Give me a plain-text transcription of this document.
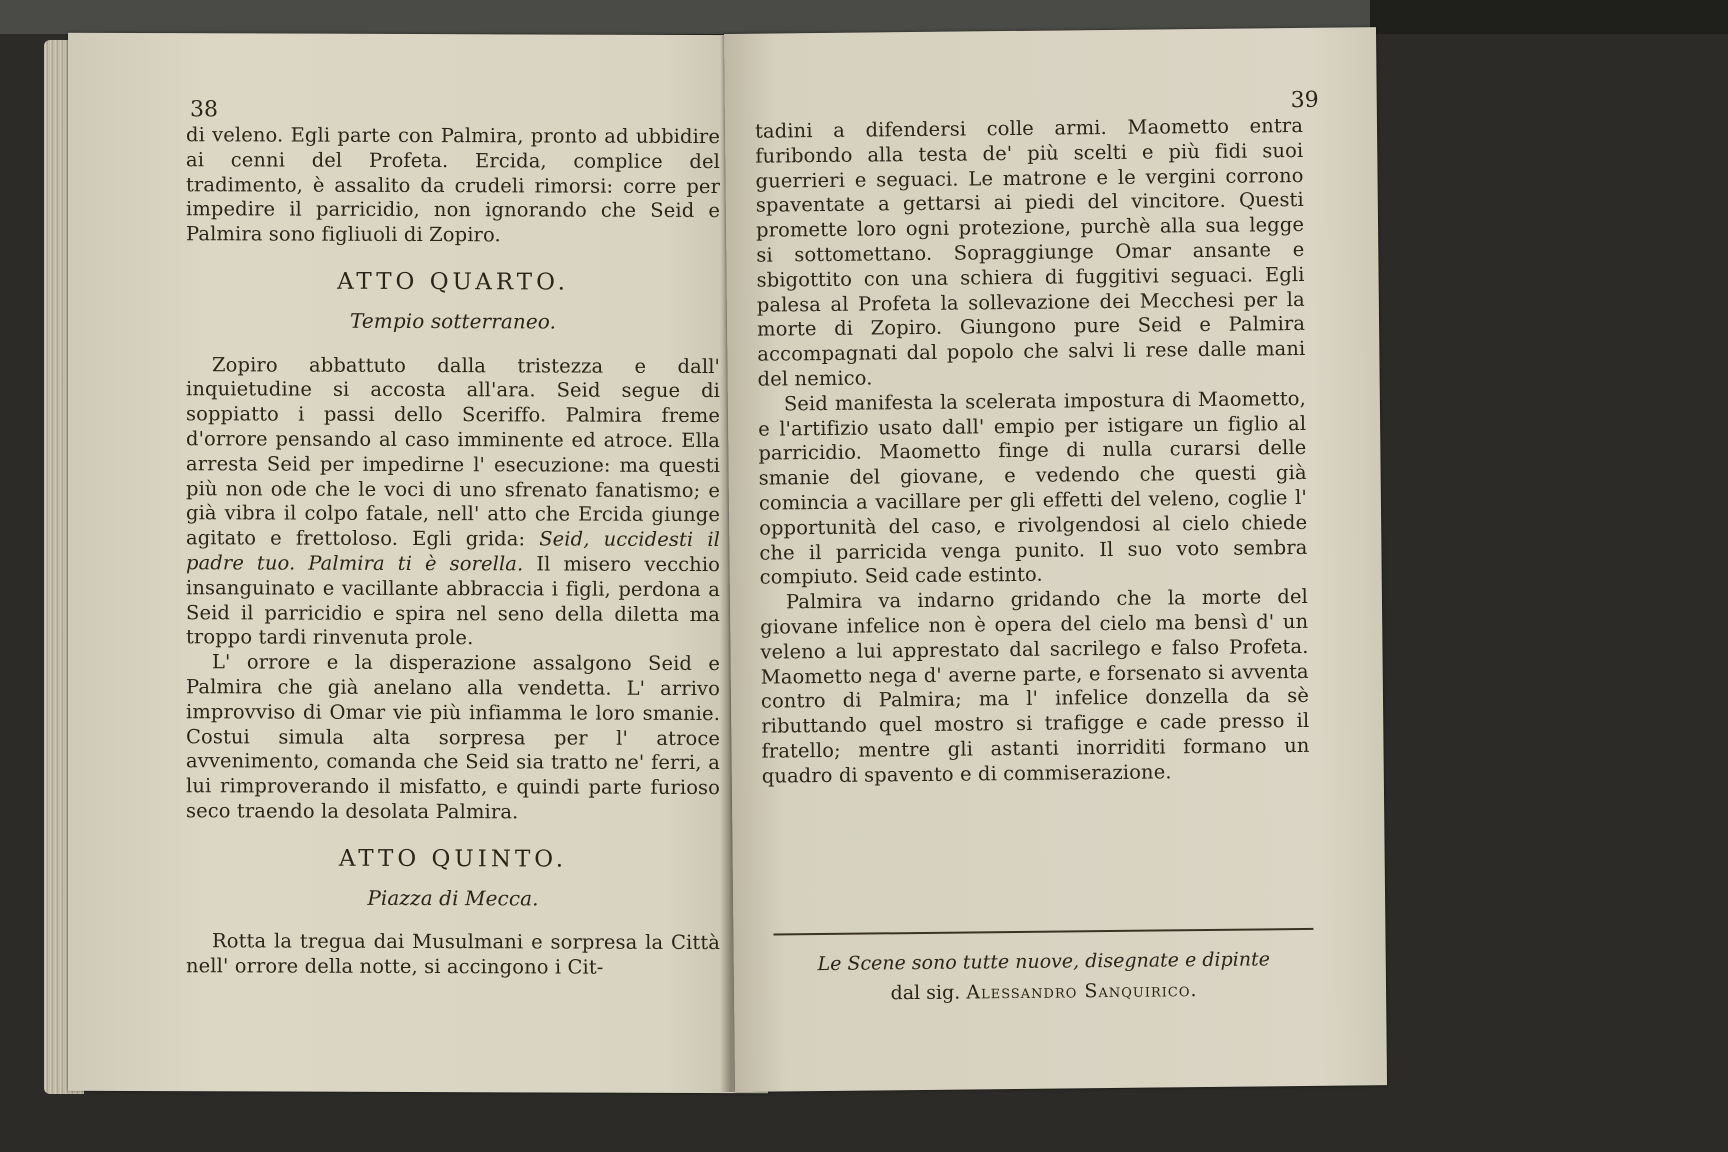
38

di veleno. Egli parte con Palmira, pronto ad ubbidire ai cenni del Profeta. Ercida, complice del tradimento, è assalito da crudeli rimorsi: corre per impedire il parricidio, non ignorando che Seid e Palmira sono figliuoli di Zopiro.

ATTO QUARTO.
Tempio sotterraneo.

Zopiro abbattuto dalla tristezza e dall' inquietudine si accosta all'ara. Seid segue di soppiatto i passi dello Sceriffo. Palmira freme d'orrore pensando al caso imminente ed atroce. Ella arresta Seid per impedirne l' esecuzione: ma questi più non ode che le voci di uno sfrenato fanatismo; e già vibra il colpo fatale, nell' atto che Ercida giunge agitato e frettoloso. Egli grida: Seid, uccidesti il padre tuo. Palmira ti è sorella. Il misero vecchio insanguinato e vacillante abbraccia i figli, perdona a Seid il parricidio e spira nel seno della diletta ma troppo tardi rinvenuta prole.

L' orrore e la disperazione assalgono Seid e Palmira che già anelano alla vendetta. L' arrivo improvviso di Omar vie più infiamma le loro smanie. Costui simula alta sorpresa per l' atroce avvenimento, comanda che Seid sia tratto ne' ferri, a lui rimproverando il misfatto, e quindi parte furioso seco traendo la desolata Palmira.

ATTO QUINTO.
Piazza di Mecca.

Rotta la tregua dai Musulmani e sorpresa la Città nell' orrore della notte, si accingono i Cit-

39

tadini a difendersi colle armi. Maometto entra furibondo alla testa de' più scelti e più fidi suoi guerrieri e seguaci. Le matrone e le vergini corrono spaventate a gettarsi ai piedi del vincitore. Questi promette loro ogni protezione, purchè alla sua legge si sottomettano. Sopraggiunge Omar ansante e sbigottito con una schiera di fuggitivi seguaci. Egli palesa al Profeta la sollevazione dei Mecchesi per la morte di Zopiro. Giungono pure Seid e Palmira accompagnati dal popolo che salvi li rese dalle mani del nemico.

Seid manifesta la scelerata impostura di Maometto, e l'artifizio usato dall' empio per istigare un figlio al parricidio. Maometto finge di nulla curarsi delle smanie del giovane, e vedendo che questi già comincia a vacillare per gli effetti del veleno, coglie l' opportunità del caso, e rivolgendosi al cielo chiede che il parricida venga punito. Il suo voto sembra compiuto. Seid cade estinto.

Palmira va indarno gridando che la morte del giovane infelice non è opera del cielo ma bensì d' un veleno a lui apprestato dal sacrilego e falso Profeta. Maometto nega d' averne parte, e forsenato si avventa contro di Palmira; ma l' infelice donzella da sè ributtando quel mostro si trafigge e cade presso il fratello; mentre gli astanti inorriditi formano un quadro di spavento e di commiserazione.

Le Scene sono tutte nuove, disegnate e dipinte
dal sig. Alessandro Sanquirico.
